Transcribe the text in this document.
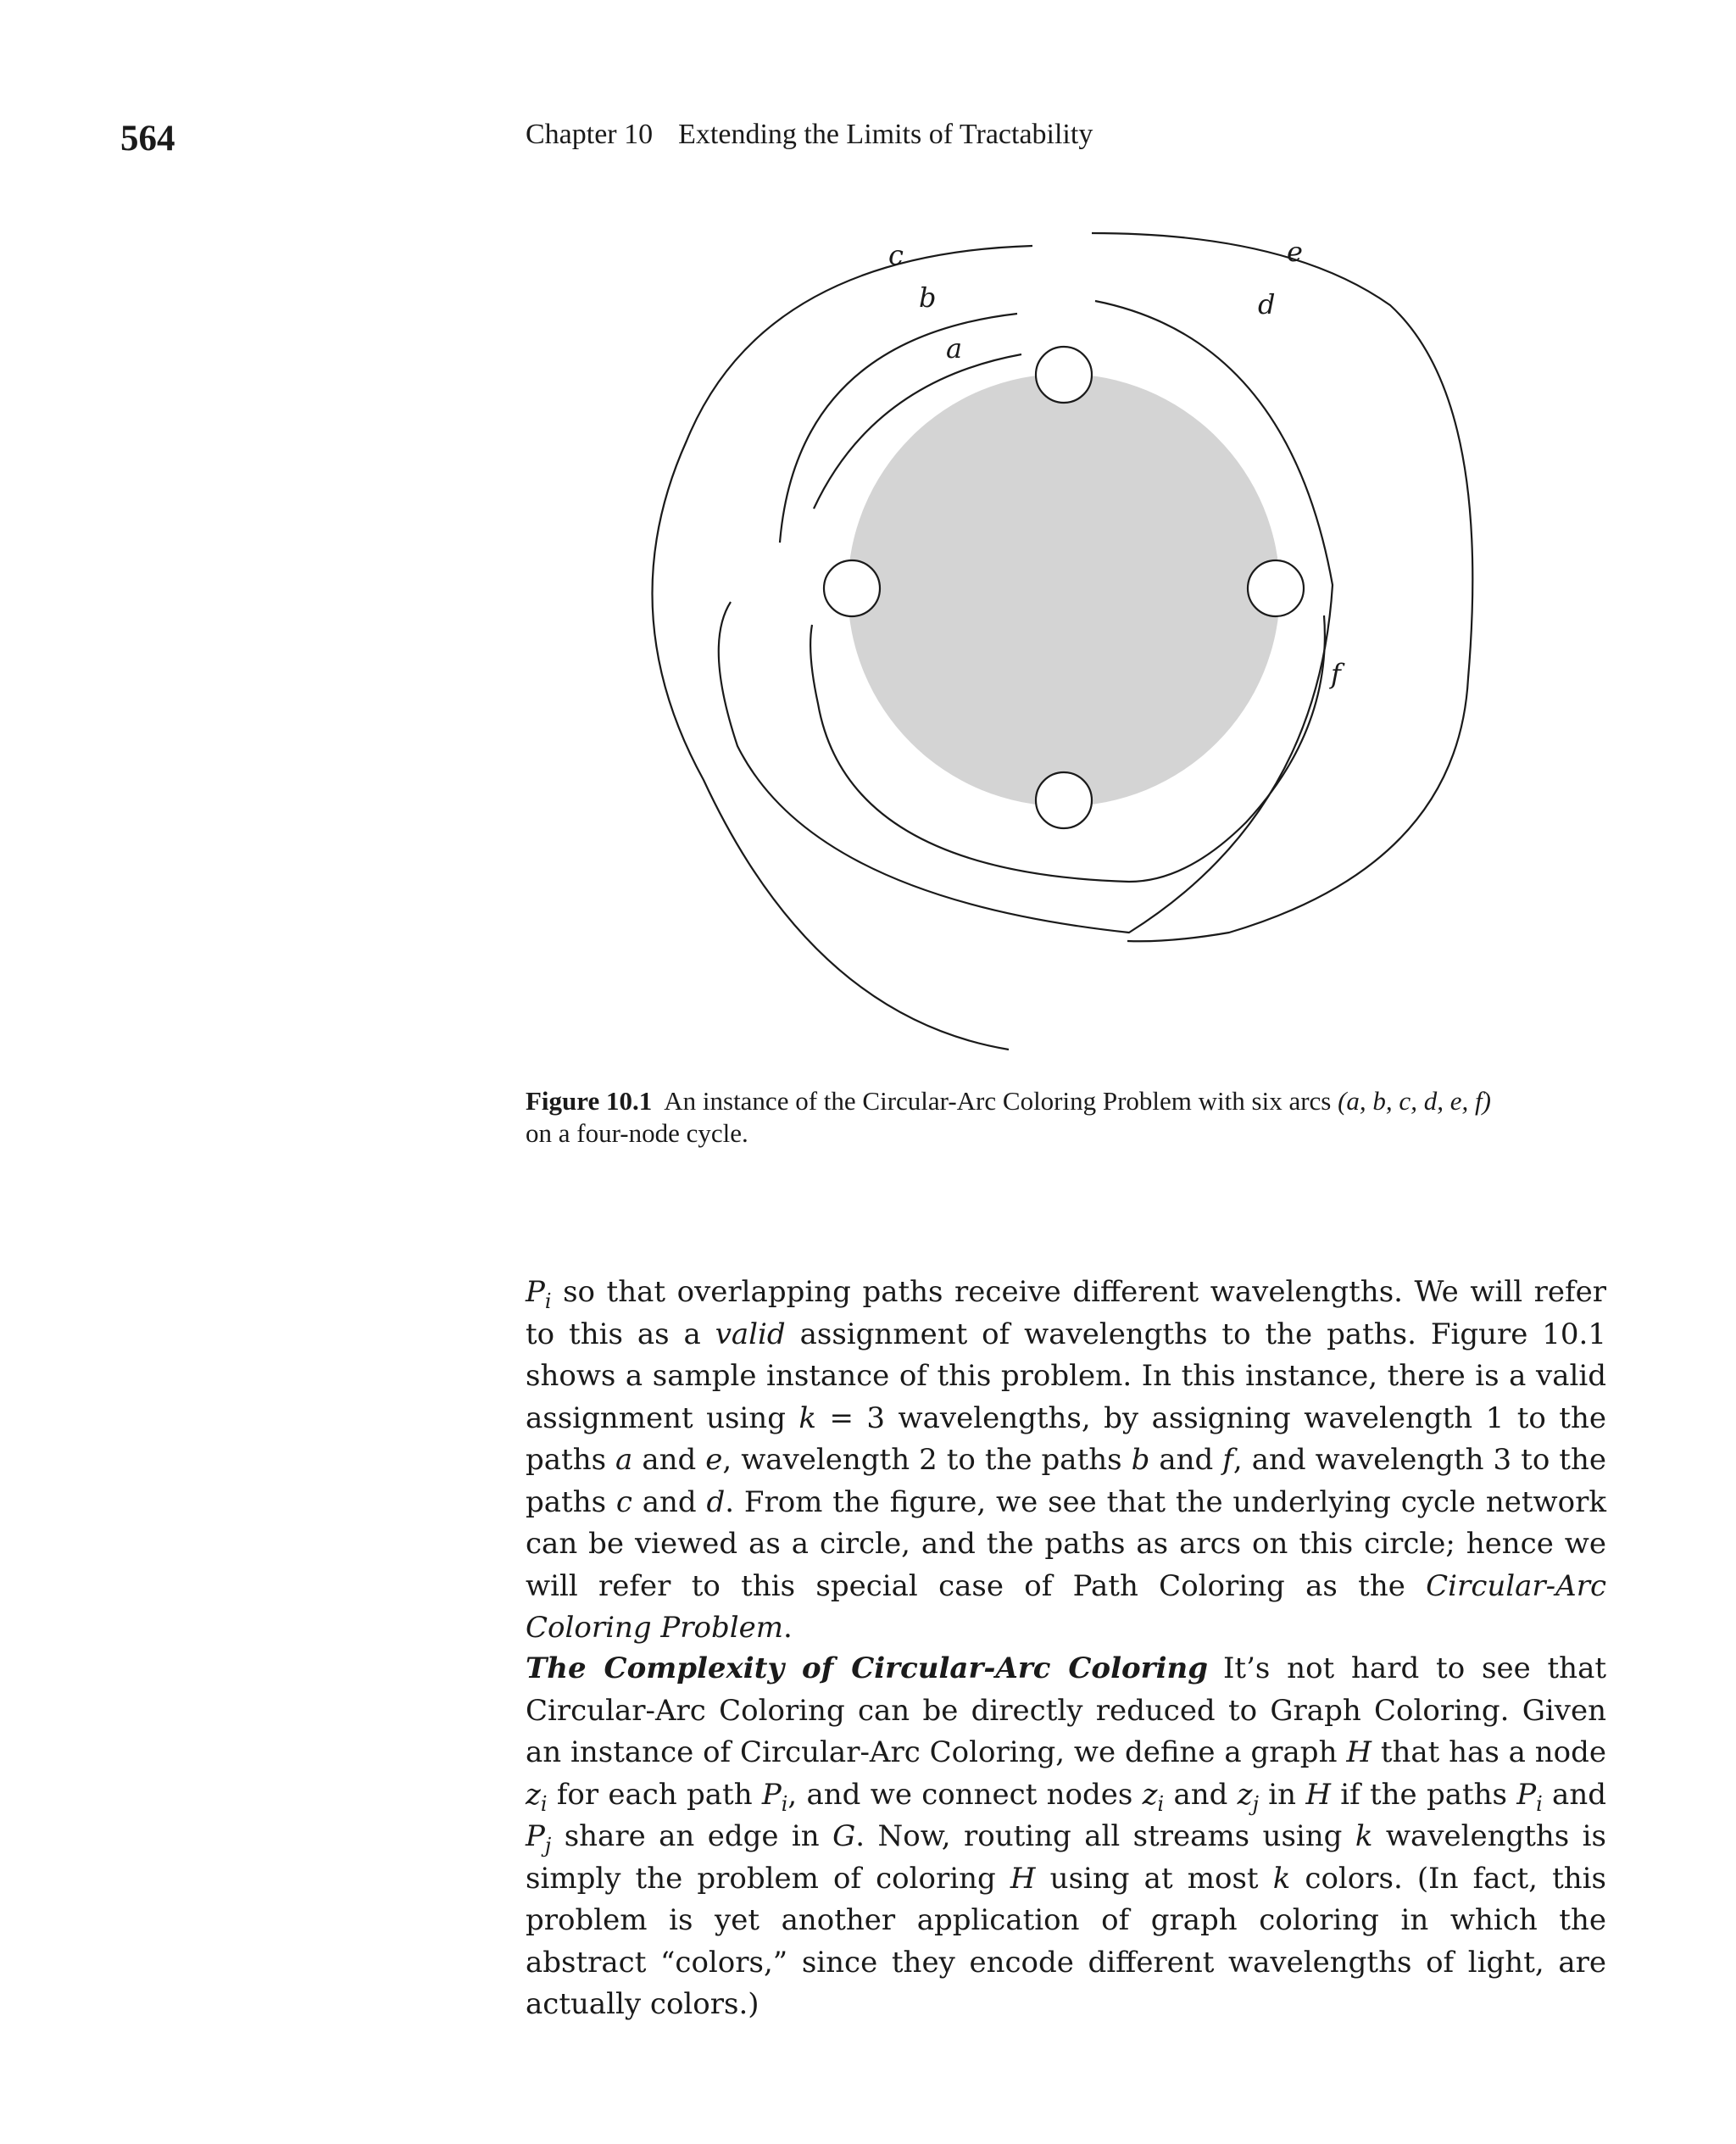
564	Chapter 10 Extending the Limits of Tractability
a
b
c
d
e
f
Figure 10.1 An instance of the Circular-Arc Coloring Problem with six arcs (a, b, c, d, e, f)
on a four-node cycle.
$P_i$ so that overlapping paths receive different wavelengths. We will refer to this as a valid assignment of wavelengths to the paths. Figure 10.1 shows a sample instance of this problem. In this instance, there is a valid assignment using k = 3 wavelengths, by assigning wavelength 1 to the paths a and e, wavelength 2 to the paths b and f, and wavelength 3 to the paths c and d. From the figure, we see that the underlying cycle network can be viewed as a circle, and the paths as arcs on this circle; hence we will refer to this special case of Path Coloring as the Circular-Arc Coloring Problem.
The Complexity of Circular-Arc Coloring It’s not hard to see that Circular-Arc Coloring can be directly reduced to Graph Coloring. Given an instance of Circular-Arc Coloring, we define a graph H that has a node $z_i$ for each path $P_i$, and we connect nodes $z_i$ and $z_j$ in H if the paths $P_i$ and $P_j$ share an edge in G. Now, routing all streams using k wavelengths is simply the problem of coloring H using at most k colors. (In fact, this problem is yet another application of graph coloring in which the abstract “colors,” since they encode different wavelengths of light, are actually colors.)
